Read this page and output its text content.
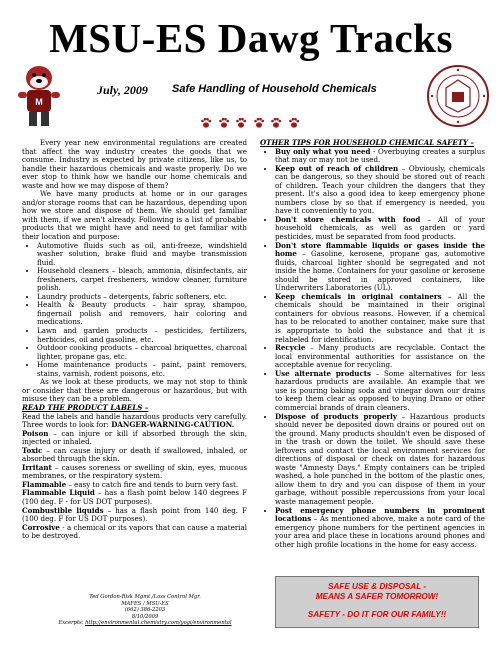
MSU-ES Dawg Tracks
M
July, 2009 Safe Handling of Household Chemicals

Every year new environmental regulations are created that affect the way industry creates the goods that we consume. Industry is expected by private citizens, like us, to handle their hazardous chemicals and waste properly. Do we ever stop to think how we handle our home chemicals and waste and how we may dispose of them?

We have many products at home or in our garages and/or storage rooms that can be hazardous, depending upon how we store and dispose of them. We should get familiar with them, if we aren't already. Following is a list of probable products that we might have and need to get familiar with their location and purpose:

• Automotive fluids such as oil, anti-freeze, windshield washer solution, brake fluid and maybe transmission fluid.
• Household cleaners – bleach, ammonia, disinfectants, air fresheners, carpet fresheners, window cleaner, furniture polish.
• Laundry products – detergents, fabric softeners, etc.
• Health & Beauty products – hair spray, shampoo, fingernail polish and removers, hair coloring and medications.
• Lawn and garden products – pesticides, fertilizers, herbicides, oil and gasoline, etc.
• Outdoor cooking products – charcoal briquettes, charcoal lighter, propane gas, etc.
• Home maintenance products – paint, paint removers, stains, varnish, rodent poisons, etc.

As we look at these products, we may not stop to think or consider that these are dangerous or hazardous, but with misuse they can be a problem.

READ THE PRODUCT LABELS –

Read the labels and handle hazardous products very carefully. Three words to look for: DANGER-WARNING-CAUTION.

Poison – can injure or kill if absorbed through the skin, injected or inhaled.

Toxic – can cause injury or death if swallowed, inhaled, or absorbed through the skin.

Irritant – causes soreness or swelling of skin, eyes, mucous membranes, or the respiratory system.

Flammable – easy to catch fire and tends to burn very fast.

Flammable Liquid – has a flash point below 140 degrees F (100 deg. F - for US DOT purposes).

Combustible liquids – has a flash point from 140 deg. F (100 deg. F for US DOT purposes).

Corrosive - a chemical or its vapors that can cause a material to be destroyed.

OTHER TIPS FOR HOUSEHOLD CHEMICAL SAFETY –

• Buy only what you need - Overbuying creates a surplus that may or may not be used.
• Keep out of reach of children – Obviously, chemicals can be dangerous, so they should be stored out of reach of children. Teach your children the dangers that they present. It's also a good idea to keep emergency phone numbers close by so that if emergency is needed, you have it conveniently to you.
• Don't store chemicals with food – All of your household chemicals, as well as garden or yard pesticides, must be separated from food products.
• Don't store flammable liquids or gases inside the home – Gasoline, kerosene, propane gas, automotive fluids, charcoal lighter should be segregated and not inside the home. Containers for your gasoline or kerosene should be stored in approved containers, like Underwriters Laboratories (UL).
• Keep chemicals in original containers – All the chemicals should be maintained in their original containers for obvious reasons. However, if a chemical has to be relocated to another container, make sure that is appropriate to hold the substance and that it is relabeled for identification.
• Recycle – Many products are recyclable. Contact the local environmental authorities for assistance on the acceptable avenue for recycling.
• Use alternate products – Some alternatives for less hazardous products are available. An example that we use is pouring baking soda and vinegar down our drains to keep them clear as opposed to buying Drano or other commercial brands of drain cleaners.
• Dispose of products properly – Hazardous products should never be deposited down drains or poured out on the ground. Many products shouldn't even be disposed of in the trash or down the toilet. We should save these leftovers and contact the local environment services for directions of disposal or check on dates for hazardous waste "Amnesty Days." Empty containers can be tripled washed, a hole punched in the bottom of the plastic ones, allow them to dry and you can dispose of them in your garbage, without possible repercussions from your local waste management people.
• Post emergency phone numbers in prominent locations – As mentioned above, make a note card of the emergency phone numbers for the pertinent agencies in your area and place these in locations around phones and other high profile locations in the home for easy access.
Ted Gordon-Risk Mgmt./Loss Control Mgr.
MAFES / MSU-ES
(662) 386-2203
8/10/2009
Excerpts: http://environmental.chemistry.com/yogi/environmental
SAFE USE & DISPOSAL -
MEANS A SAFER TOMORROW!
SAFETY - DO IT FOR OUR FAMILY!!
